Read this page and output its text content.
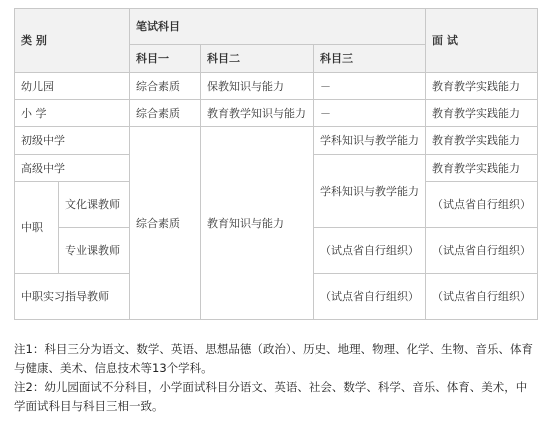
类 别		笔试科目			面 试
		科目一	科目二	科目三	
幼儿园		综合素质	保教知识与能力	－	教育教学实践能力
小 学		综合素质	教育教学知识与能力	－	教育教学实践能力
初级中学		综合素质	教育知识与能力	学科知识与教学能力	教育教学实践能力
高级中学				学科知识与教学能力	教育教学实践能力
中职	文化课教师				（试点省自行组织）
	专业课教师			（试点省自行组织）	（试点省自行组织）
中职实习指导教师				（试点省自行组织）	（试点省自行组织）

注1：科目三分为语文、数学、英语、思想品德（政治）、历史、地理、物理、化学、生物、音乐、体育与健康、美术、信息技术等13个学科。

注2：幼儿园面试不分科目，小学面试科目分语文、英语、社会、数学、科学、音乐、体育、美术，中学面试科目与科目三相一致。
